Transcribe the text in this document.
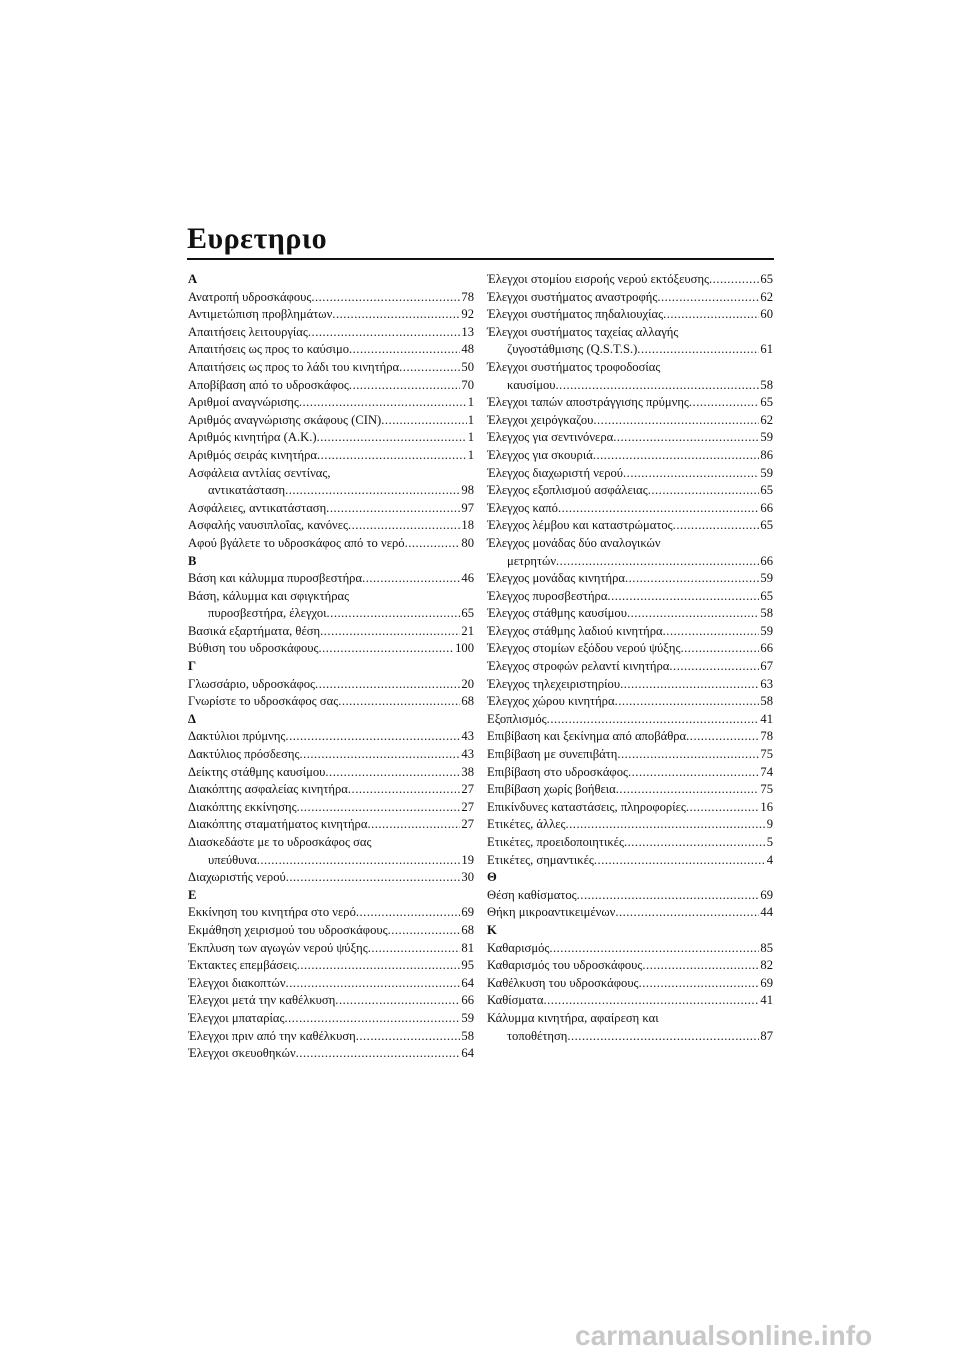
Ευρετηριο
Α
Ανατροπή υδροσκάφους .....	78
Αντιμετώπιση προβλημάτων .....	92
Απαιτήσεις λειτουργίας .....	13
Απαιτήσεις ως προς το καύσιμο .....	48
Απαιτήσεις ως προς το λάδι του κινητήρα .....	50
Αποβίβαση από το υδροσκάφος .....	70
Αριθμοί αναγνώρισης .....	1
Αριθμός αναγνώρισης σκάφους (CIN) .....	1
Αριθμός κινητήρα (Α.Κ.) .....	1
Αριθμός σειράς κινητήρα .....	1
Ασφάλεια αντλίας σεντίνας,
αντικατάσταση .....	98
Ασφάλειες, αντικατάσταση .....	97
Ασφαλής ναυσιπλοΐας, κανόνες .....	18
Αφού βγάλετε το υδροσκάφος από το νερό .....	80
Β
Βάση και κάλυμμα πυροσβεστήρα .....	46
Βάση, κάλυμμα και σφιγκτήρας
πυροσβεστήρα, έλεγχοι .....	65
Βασικά εξαρτήματα, θέση .....	21
Βύθιση του υδροσκάφους .....	100
Γ
Γλωσσάριο, υδροσκάφος .....	20
Γνωρίστε το υδροσκάφος σας .....	68
Δ
Δακτύλιοι πρύμνης .....	43
Δακτύλιος πρόσδεσης .....	43
Δείκτης στάθμης καυσίμου .....	38
Διακόπτης ασφαλείας κινητήρα .....	27
Διακόπτης εκκίνησης .....	27
Διακόπτης σταματήματος κινητήρα .....	27
Διασκεδάστε με το υδροσκάφος σας
υπεύθυνα .....	19
Διαχωριστής νερού .....	30
Ε
Εκκίνηση του κινητήρα στο νερό .....	69
Εκμάθηση χειρισμού του υδροσκάφους .....	68
Έκπλυση των αγωγών νερού ψύξης .....	81
Έκτακτες επεμβάσεις .....	95
Έλεγχοι διακοπτών .....	64
Έλεγχοι μετά την καθέλκυση .....	66
Έλεγχοι μπαταρίας .....	59
Έλεγχοι πριν από την καθέλκυση .....	58
Έλεγχοι σκευοθηκών .....	64
Έλεγχοι στομίου εισροής νερού εκτόξευσης .....	65
Έλεγχοι συστήματος αναστροφής .....	62
Έλεγχοι συστήματος πηδαλιουχίας .....	60
Έλεγχοι συστήματος ταχείας αλλαγής
ζυγοστάθμισης (Q.S.T.S.) .....	61
Έλεγχοι συστήματος τροφοδοσίας
καυσίμου .....	58
Έλεγχοι ταπών αποστράγγισης πρύμνης .....	65
Έλεγχοι χειρόγκαζου .....	62
Έλεγχος για σεντινόνερα .....	59
Έλεγχος για σκουριά .....	86
Έλεγχος διαχωριστή νερού .....	59
Έλεγχος εξοπλισμού ασφάλειας .....	65
Έλεγχος καπό .....	66
Έλεγχος λέμβου και καταστρώματος .....	65
Έλεγχος μονάδας δύο αναλογικών
μετρητών .....	66
Έλεγχος μονάδας κινητήρα .....	59
Έλεγχος πυροσβεστήρα .....	65
Έλεγχος στάθμης καυσίμου .....	58
Έλεγχος στάθμης λαδιού κινητήρα .....	59
Έλεγχος στομίων εξόδου νερού ψύξης .....	66
Έλεγχος στροφών ρελαντί κινητήρα .....	67
Έλεγχος τηλεχειριστηρίου .....	63
Έλεγχος χώρου κινητήρα .....	58
Εξοπλισμός .....	41
Επιβίβαση και ξεκίνημα από αποβάθρα .....	78
Επιβίβαση με συνεπιβάτη .....	75
Επιβίβαση στο υδροσκάφος .....	74
Επιβίβαση χωρίς βοήθεια .....	75
Επικίνδυνες καταστάσεις, πληροφορίες .....	16
Ετικέτες, άλλες .....	9
Ετικέτες, προειδοποιητικές .....	5
Ετικέτες, σημαντικές .....	4
Θ
Θέση καθίσματος .....	69
Θήκη μικροαντικειμένων .....	44
Κ
Καθαρισμός .....	85
Καθαρισμός του υδροσκάφους .....	82
Καθέλκυση του υδροσκάφους .....	69
Καθίσματα .....	41
Κάλυμμα κινητήρα, αφαίρεση και
τοποθέτηση .....	87
carmanualsonline.info
